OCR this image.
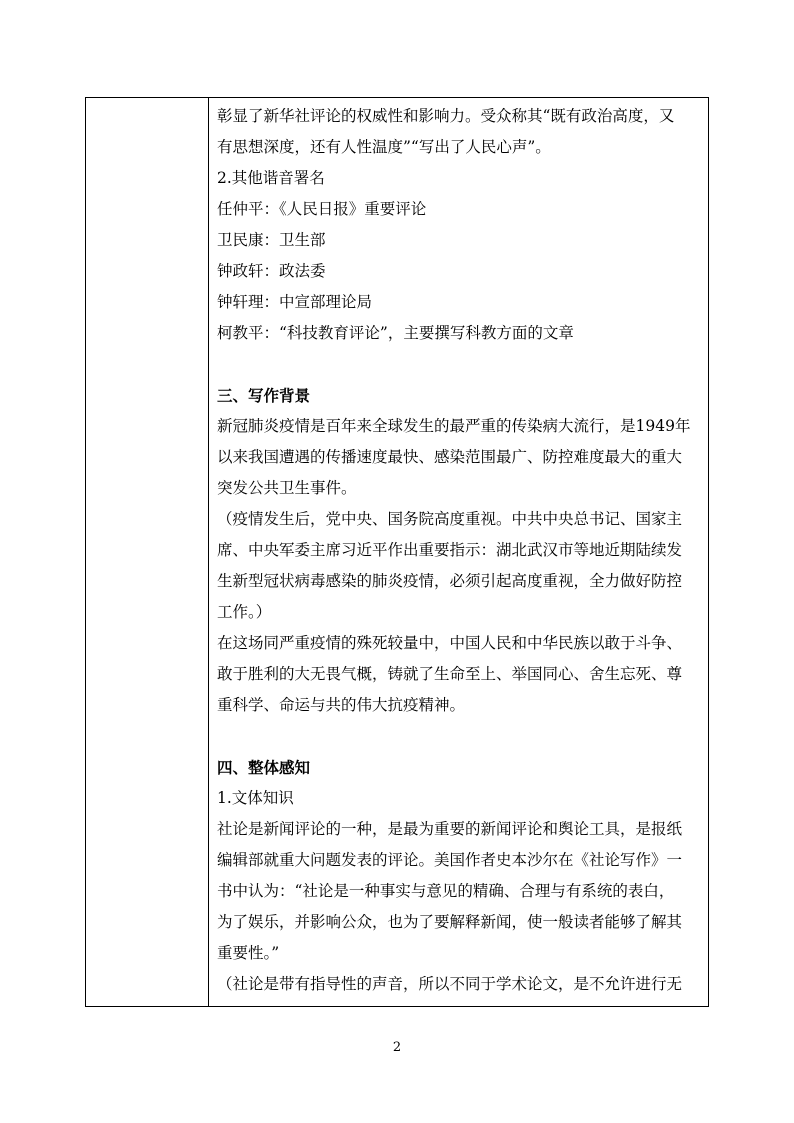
彰显了新华社评论的权威性和影响力。受众称其“既有政治高度，又
有思想深度，还有人性温度”“写出了人民心声”。
2.其他谐音署名
任仲平：《人民日报》重要评论
卫民康：卫生部
钟政轩：政法委
钟轩理：中宣部理论局
柯教平：“科技教育评论”，主要撰写科教方面的文章
三、写作背景
新冠肺炎疫情是百年来全球发生的最严重的传染病大流行，是1949年
以来我国遭遇的传播速度最快、感染范围最广、防控难度最大的重大
突发公共卫生事件。
（疫情发生后，党中央、国务院高度重视。中共中央总书记、国家主
席、中央军委主席习近平作出重要指示：湖北武汉市等地近期陆续发
生新型冠状病毒感染的肺炎疫情，必须引起高度重视，全力做好防控
工作。）
在这场同严重疫情的殊死较量中，中国人民和中华民族以敢于斗争、
敢于胜利的大无畏气概，铸就了生命至上、举国同心、舍生忘死、尊
重科学、命运与共的伟大抗疫精神。
四、整体感知
1.文体知识
社论是新闻评论的一种，是最为重要的新闻评论和舆论工具，是报纸
编辑部就重大问题发表的评论。美国作者史本沙尔在《社论写作》一
书中认为：“社论是一种事实与意见的精确、合理与有系统的表白，
为了娱乐，并影响公众，也为了要解释新闻，使一般读者能够了解其
重要性。”
（社论是带有指导性的声音，所以不同于学术论文，是不允许进行无
2
